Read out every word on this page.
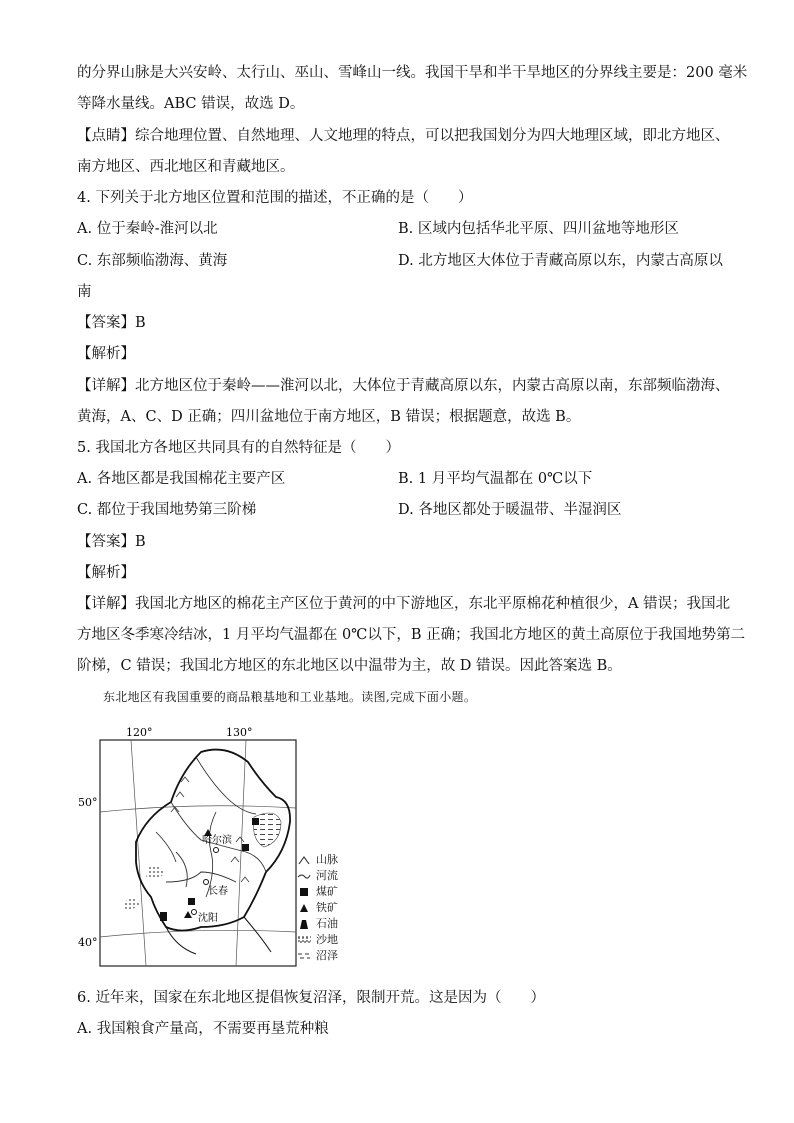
的分界山脉是大兴安岭、太行山、巫山、雪峰山一线。我国干旱和半干旱地区的分界线主要是：200 毫米
等降水量线。ABC 错误，故选 D。
【点睛】综合地理位置、自然地理、人文地理的特点，可以把我国划分为四大地理区域，即北方地区、
南方地区、西北地区和青藏地区。
4. 下列关于北方地区位置和范围的描述，不正确的是（　　）
A. 位于秦岭-淮河以北	B. 区域内包括华北平原、四川盆地等地形区
C. 东部频临渤海、黄海	D. 北方地区大体位于青藏高原以东，内蒙古高原以
南
【答案】B
【解析】
【详解】北方地区位于秦岭——淮河以北，大体位于青藏高原以东，内蒙古高原以南，东部频临渤海、
黄海，A、C、D 正确；四川盆地位于南方地区，B 错误；根据题意，故选 B。
5. 我国北方各地区共同具有的自然特征是（　　）
A. 各地区都是我国棉花主要产区	B. 1 月平均气温都在 0℃以下
C. 都位于我国地势第三阶梯	D. 各地区都处于暖温带、半湿润区
【答案】B
【解析】
【详解】我国北方地区的棉花主产区位于黄河的中下游地区，东北平原棉花种植很少，A 错误；我国北
方地区冬季寒冷结冰，1 月平均气温都在 0℃以下，B 正确；我国北方地区的黄土高原位于我国地势第二
阶梯，C 错误；我国北方地区的东北地区以中温带为主，故 D 错误。因此答案选 B。
东北地区有我国重要的商品粮基地和工业基地。读图,完成下面小题。
120°	130°
50°
40°
哈尔滨
长春
沈阳
山脉
河流
煤矿
铁矿
石油
沙地
沼泽
6. 近年来，国家在东北地区提倡恢复沼泽，限制开荒。这是因为（　　）
A. 我国粮食产量高，不需要再垦荒种粮
